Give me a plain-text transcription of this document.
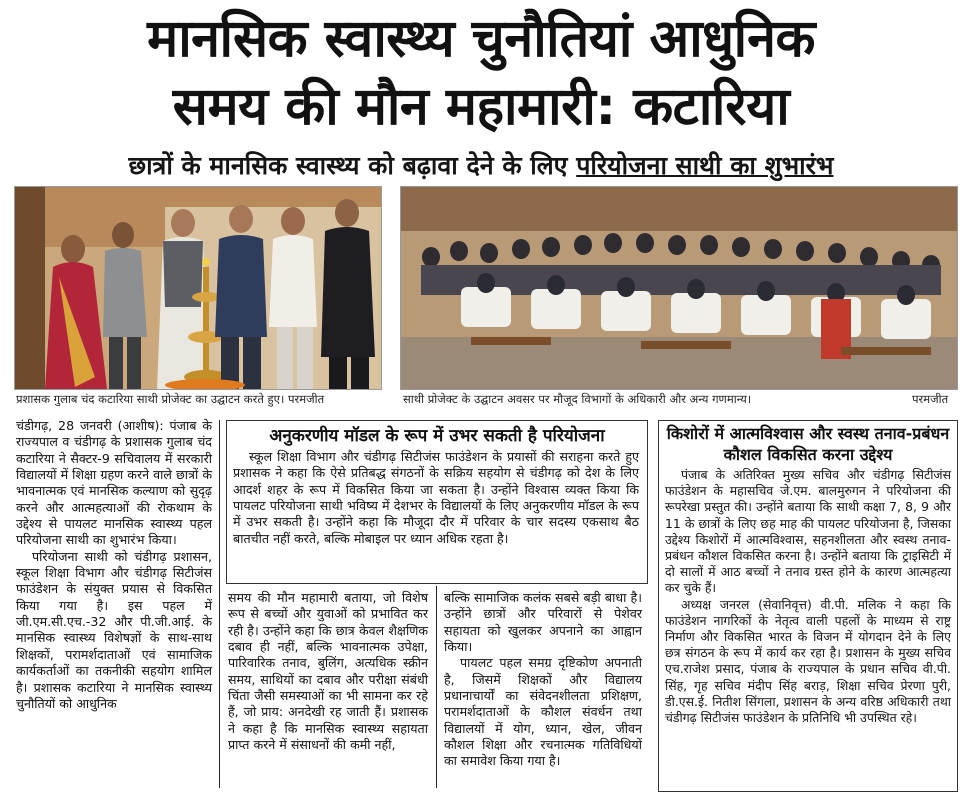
मानसिक स्वास्थ्य चुनौतियां आधुनिक
समय की मौन महामारी: कटारिया
छात्रों के मानसिक स्वास्थ्य को बढ़ावा देने के लिए परियोजना साथी का शुभारंभ
प्रशासक गुलाब चंद कटारिया साथी प्रोजेक्ट का उद्घाटन करते हुए। परमजीत	साथी प्रोजेक्ट के उद्घाटन अवसर पर मौजूद विभागों के अधिकारी और अन्य गणमान्य।	परमजीत

चंडीगढ़, 28 जनवरी (आशीष): पंजाब के राज्यपाल व चंडीगढ़ के प्रशासक गुलाब चंद कटारिया ने सैक्टर-9 सचिवालय में सरकारी विद्यालयों में शिक्षा ग्रहण करने वाले छात्रों के भावनात्मक एवं मानसिक कल्याण को सुदृढ़ करने और आत्महत्याओं की रोकथाम के उद्देश्य से पायलट मानसिक स्वास्थ्य पहल परियोजना साथी का शुभारंभ किया।

परियोजना साथी को चंडीगढ़ प्रशासन, स्कूल शिक्षा विभाग और चंडीगढ़ सिटीजंस फाउंडेशन के संयुक्त प्रयास से विकसित किया गया है। इस पहल में जी.एम.सी.एच.-32 और पी.जी.आई. के मानसिक स्वास्थ्य विशेषज्ञों के साथ-साथ शिक्षकों, परामर्शदाताओं एवं सामाजिक कार्यकर्ताओं का तकनीकी सहयोग शामिल है। प्रशासक कटारिया ने मानसिक स्वास्थ्य चुनौतियों को आधुनिक

अनुकरणीय मॉडल के रूप में उभर सकती है परियोजना

स्कूल शिक्षा विभाग और चंडीगढ़ सिटीजंस फाउंडेशन के प्रयासों की सराहना करते हुए प्रशासक ने कहा कि ऐसे प्रतिबद्ध संगठनों के सक्रिय सहयोग से चंडीगढ़ को देश के लिए आदर्श शहर के रूप में विकसित किया जा सकता है। उन्होंने विश्वास व्यक्त किया कि पायलट परियोजना साथी भविष्य में देशभर के विद्यालयों के लिए अनुकरणीय मॉडल के रूप में उभर सकती है। उन्होंने कहा कि मौजूदा दौर में परिवार के चार सदस्य एकसाथ बैठ बातचीत नहीं करते, बल्कि मोबाइल पर ध्यान अधिक रहता है।

समय की मौन महामारी बताया, जो विशेष रूप से बच्चों और युवाओं को प्रभावित कर रही है। उन्होंने कहा कि छात्र केवल शैक्षणिक दबाव ही नहीं, बल्कि भावनात्मक उपेक्षा, पारिवारिक तनाव, बुलिंग, अत्यधिक स्क्रीन समय, साथियों का दबाव और परीक्षा संबंधी चिंता जैसी समस्याओं का भी सामना कर रहे हैं, जो प्राय: अनदेखी रह जाती हैं। प्रशासक ने कहा है कि मानसिक स्वास्थ्य सहायता प्राप्त करने में संसाधनों की कमी नहीं,

बल्कि सामाजिक कलंक सबसे बड़ी बाधा है। उन्होंने छात्रों और परिवारों से पेशेवर सहायता को खुलकर अपनाने का आह्वान किया।

पायलट पहल समग्र दृष्टिकोण अपनाती है, जिसमें शिक्षकों और विद्यालय प्रधानाचार्यों का संवेदनशीलता प्रशिक्षण, परामर्शदाताओं के कौशल संवर्धन तथा विद्यालयों में योग, ध्यान, खेल, जीवन कौशल शिक्षा और रचनात्मक गतिविधियों का समावेश किया गया है।

किशोरों में आत्मविश्वास और स्वस्थ तनाव-प्रबंधन कौशल विकसित करना उद्देश्य

पंजाब के अतिरिक्त मुख्य सचिव और चंडीगढ़ सिटीजंस फाउंडेशन के महासचिव जे.एम. बालमुरुगन ने परियोजना की रूपरेखा प्रस्तुत की। उन्होंने बताया कि साथी कक्षा 7, 8, 9 और 11 के छात्रों के लिए छह माह की पायलट परियोजना है, जिसका उद्देश्य किशोरों में आत्मविश्वास, सहनशीलता और स्वस्थ तनाव-प्रबंधन कौशल विकसित करना है। उन्होंने बताया कि ट्राइसिटी में दो सालों में आठ बच्चों ने तनाव ग्रस्त होने के कारण आत्महत्या कर चुके हैं।

अध्यक्ष जनरल (सेवानिवृत्त) वी.पी. मलिक ने कहा कि फाउंडेशन नागरिकों के नेतृत्व वाली पहलों के माध्यम से राष्ट्र निर्माण और विकसित भारत के विजन में योगदान देने के लिए छत्र संगठन के रूप में कार्य कर रहा है। प्रशासन के मुख्य सचिव एच.राजेश प्रसाद, पंजाब के राज्यपाल के प्रधान सचिव वी.पी. सिंह, गृह सचिव मंदीप सिंह बराड़, शिक्षा सचिव प्रेरणा पुरी, डी.एस.ई. नितीश सिंगला, प्रशासन के अन्य वरिष्ठ अधिकारी तथा चंडीगढ़ सिटीजंस फाउंडेशन के प्रतिनिधि भी उपस्थित रहे।
